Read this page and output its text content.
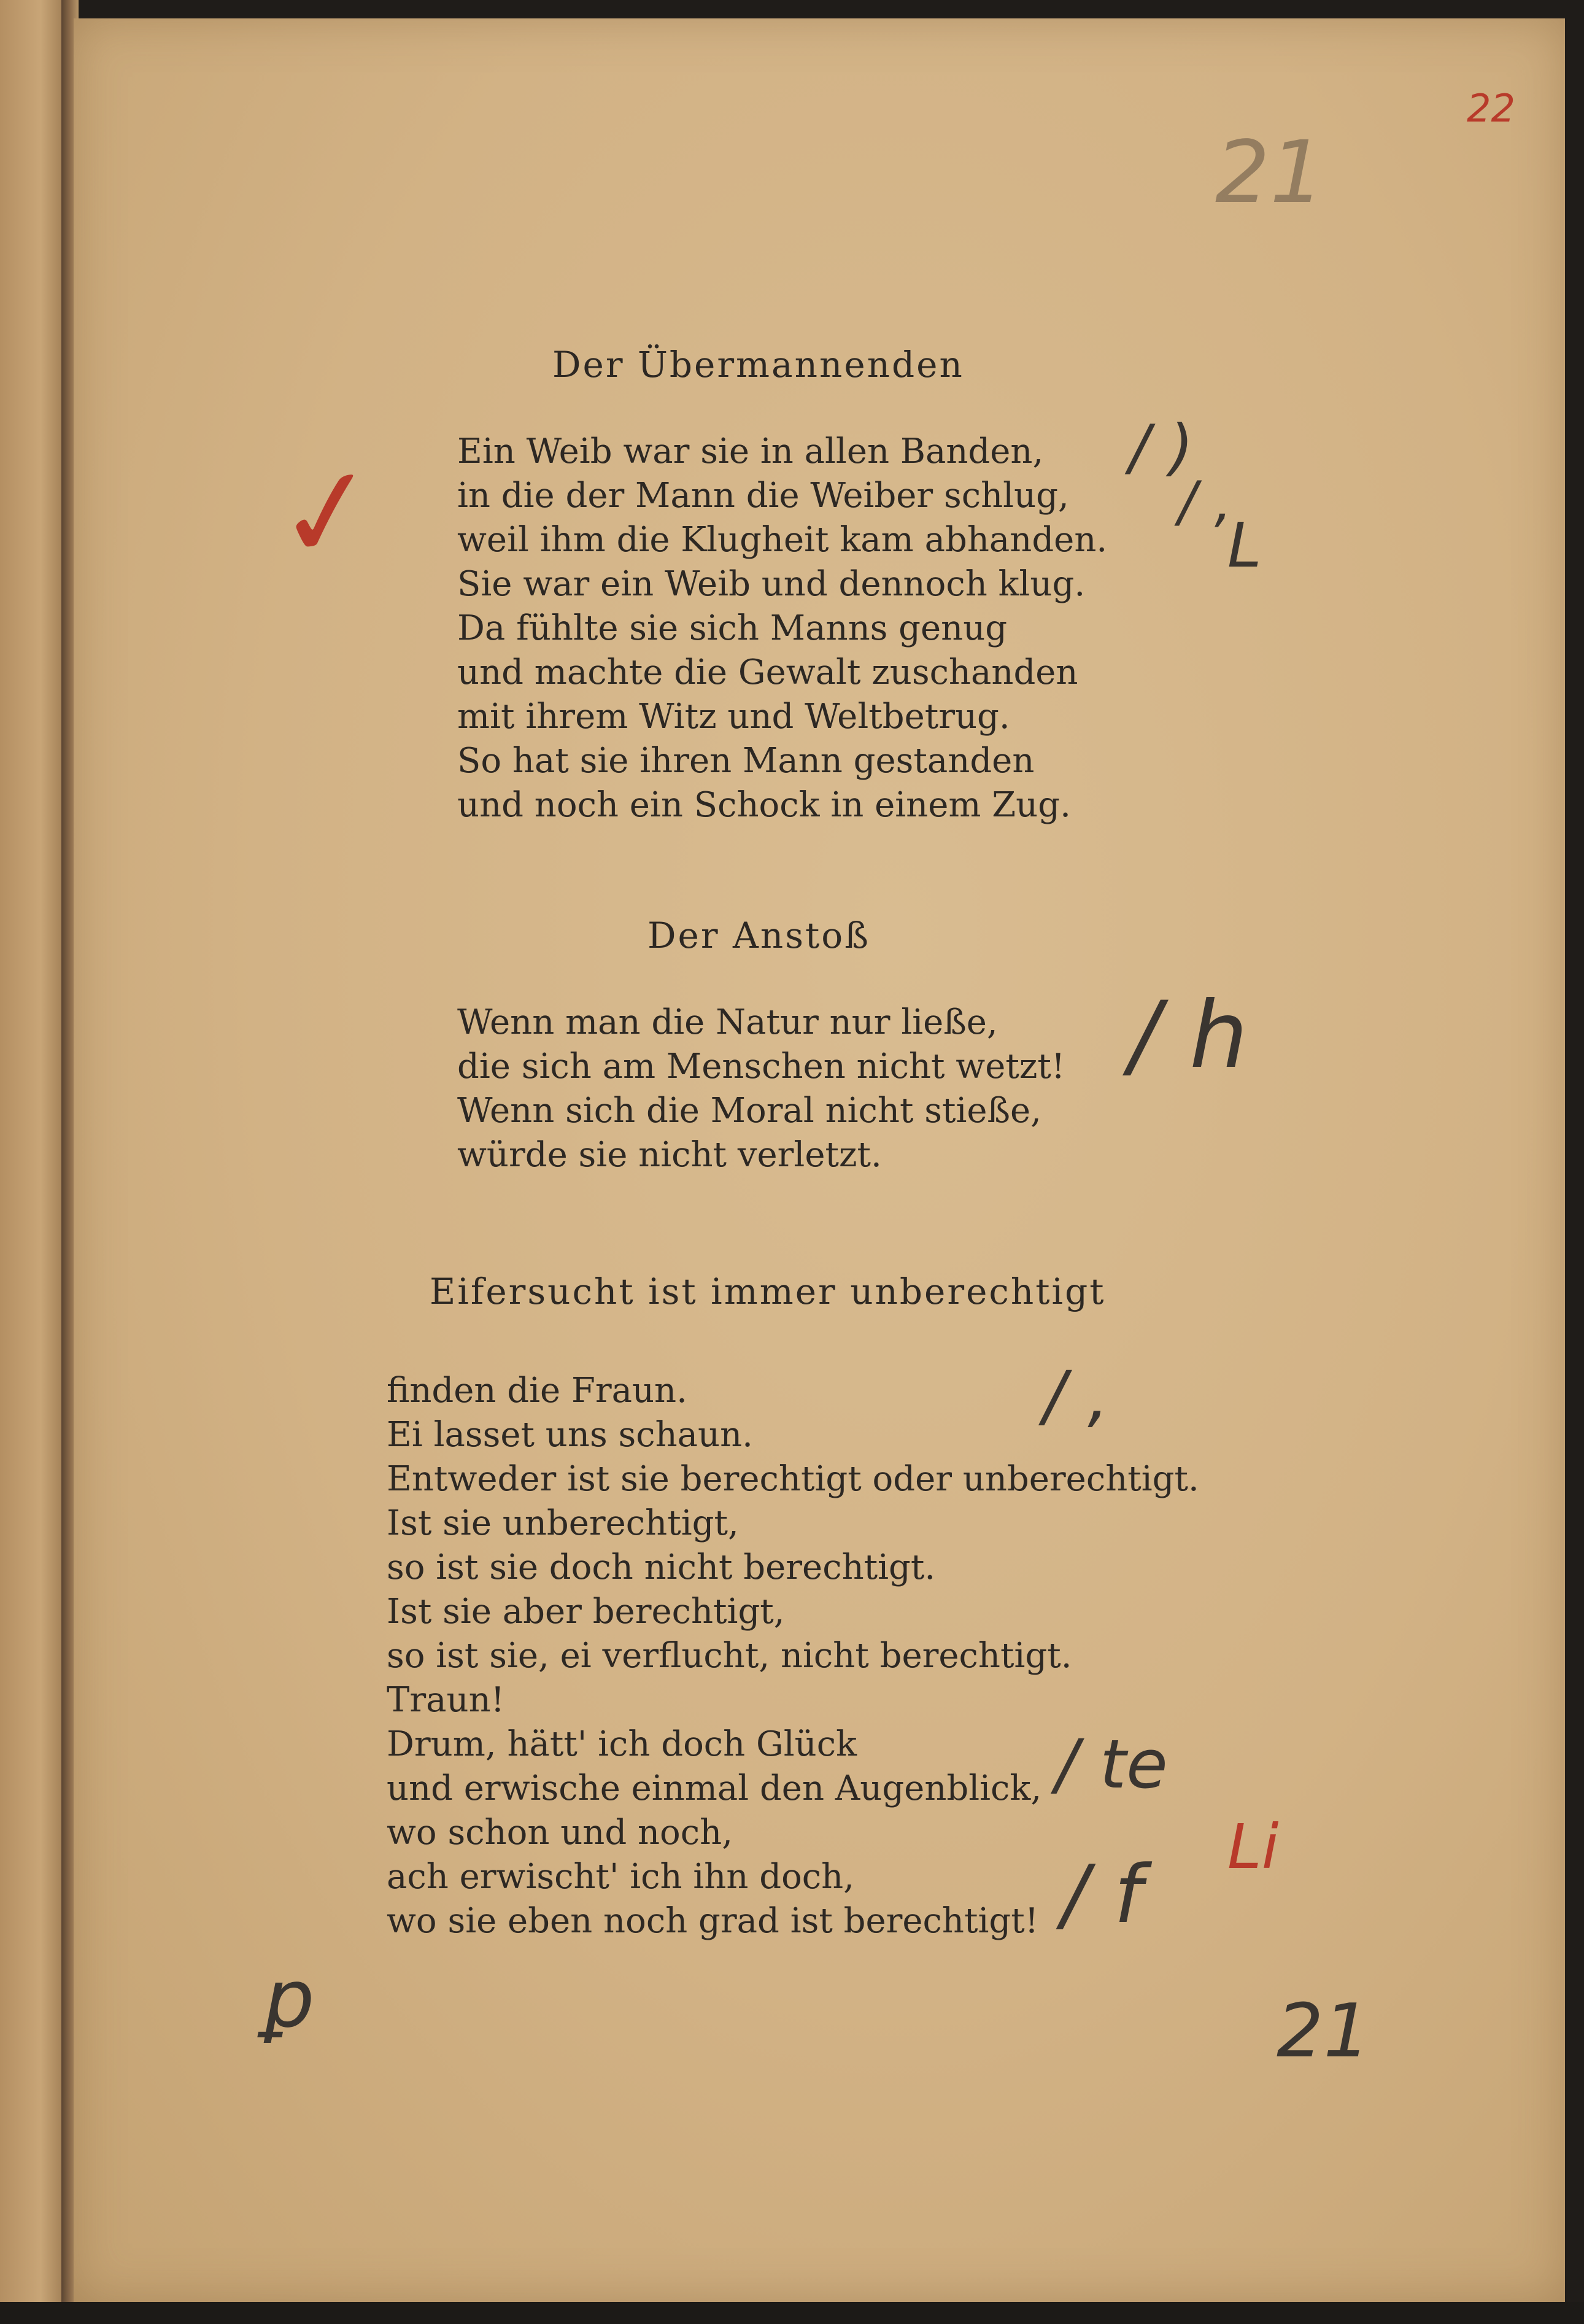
22
21
Der Übermannenden
Ein Weib war sie in allen Banden,
in die der Mann die Weiber schlug,
weil ihm die Klugheit kam abhanden.
Sie war ein Weib und dennoch klug.
Da fühlte sie sich Manns genug
und machte die Gewalt zuschanden
mit ihrem Witz und Weltbetrug.
So hat sie ihren Mann gestanden
und noch ein Schock in einem Zug.
✓	/ )
/ ,
L
Der Anstoß
Wenn man die Natur nur ließe,
die sich am Menschen nicht wetzt!
Wenn sich die Moral nicht stieße,
würde sie nicht verletzt.
/ h
Eifersucht ist immer unberechtigt
finden die Fraun.
Ei lasset uns schaun.
Entweder ist sie berechtigt oder unberechtigt.
Ist sie unberechtigt,
so ist sie doch nicht berechtigt.
Ist sie aber berechtigt,
so ist sie, ei verflucht, nicht berechtigt.
Traun!
Drum, hätt' ich doch Glück
und erwische einmal den Augenblick,
wo schon und noch,
ach erwischt' ich ihn doch,
wo sie eben noch grad ist berechtigt!
/ ,
/ te
Li
/ f
ꝑ	21
